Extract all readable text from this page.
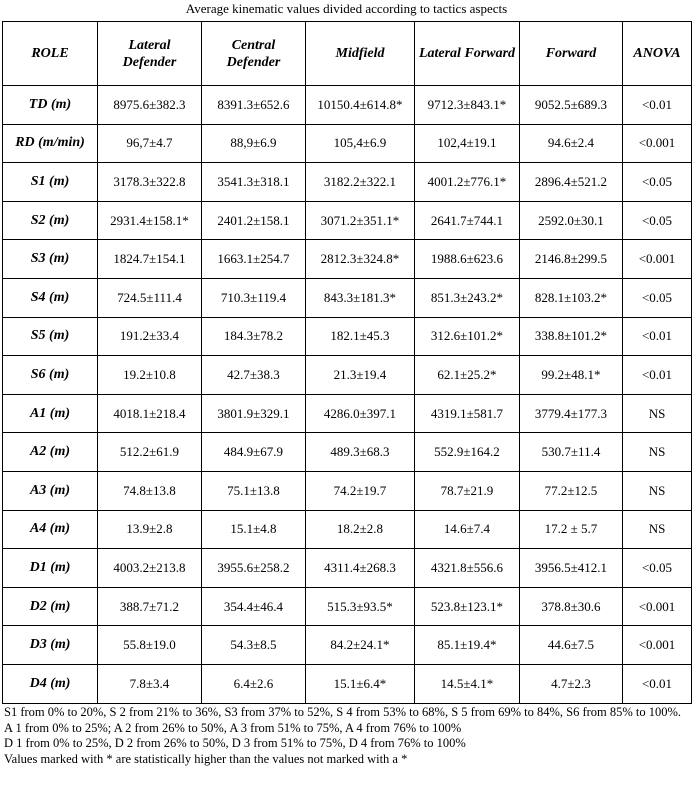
Average kinematic values divided according to tactics aspects
ROLE	Lateral Defender	Central Defender	Midfield	Lateral Forward	Forward	ANOVA
TD (m)	8975.6±382.3	8391.3±652.6	10150.4±614.8*	9712.3±843.1*	9052.5±689.3	<0.01
RD (m/min)	96,7±4.7	88,9±6.9	105,4±6.9	102,4±19.1	94.6±2.4	<0.001
S1 (m)	3178.3±322.8	3541.3±318.1	3182.2±322.1	4001.2±776.1*	2896.4±521.2	<0.05
S2 (m)	2931.4±158.1*	2401.2±158.1	3071.2±351.1*	2641.7±744.1	2592.0±30.1	<0.05
S3 (m)	1824.7±154.1	1663.1±254.7	2812.3±324.8*	1988.6±623.6	2146.8±299.5	<0.001
S4 (m)	724.5±111.4	710.3±119.4	843.3±181.3*	851.3±243.2*	828.1±103.2*	<0.05
S5 (m)	191.2±33.4	184.3±78.2	182.1±45.3	312.6±101.2*	338.8±101.2*	<0.01
S6 (m)	19.2±10.8	42.7±38.3	21.3±19.4	62.1±25.2*	99.2±48.1*	<0.01
A1 (m)	4018.1±218.4	3801.9±329.1	4286.0±397.1	4319.1±581.7	3779.4±177.3	NS
A2 (m)	512.2±61.9	484.9±67.9	489.3±68.3	552.9±164.2	530.7±11.4	NS
A3 (m)	74.8±13.8	75.1±13.8	74.2±19.7	78.7±21.9	77.2±12.5	NS
A4 (m)	13.9±2.8	15.1±4.8	18.2±2.8	14.6±7.4	17.2 ± 5.7	NS
D1 (m)	4003.2±213.8	3955.6±258.2	4311.4±268.3	4321.8±556.6	3956.5±412.1	<0.05
D2 (m)	388.7±71.2	354.4±46.4	515.3±93.5*	523.8±123.1*	378.8±30.6	<0.001
D3 (m)	55.8±19.0	54.3±8.5	84.2±24.1*	85.1±19.4*	44.6±7.5	<0.001
D4 (m)	7.8±3.4	6.4±2.6	15.1±6.4*	14.5±4.1*	4.7±2.3	<0.01
S1 from 0% to 20%, S 2 from 21% to 36%, S3 from 37% to 52%, S 4 from 53% to 68%, S 5 from 69% to 84%, S6 from 85% to 100%.
A 1 from 0% to 25%; A 2 from 26% to 50%, A 3 from 51% to 75%, A 4 from 76% to 100%
D 1 from 0% to 25%, D 2 from 26% to 50%, D 3 from 51% to 75%, D 4 from 76% to 100%
Values marked with * are statistically higher than the values not marked with a *
